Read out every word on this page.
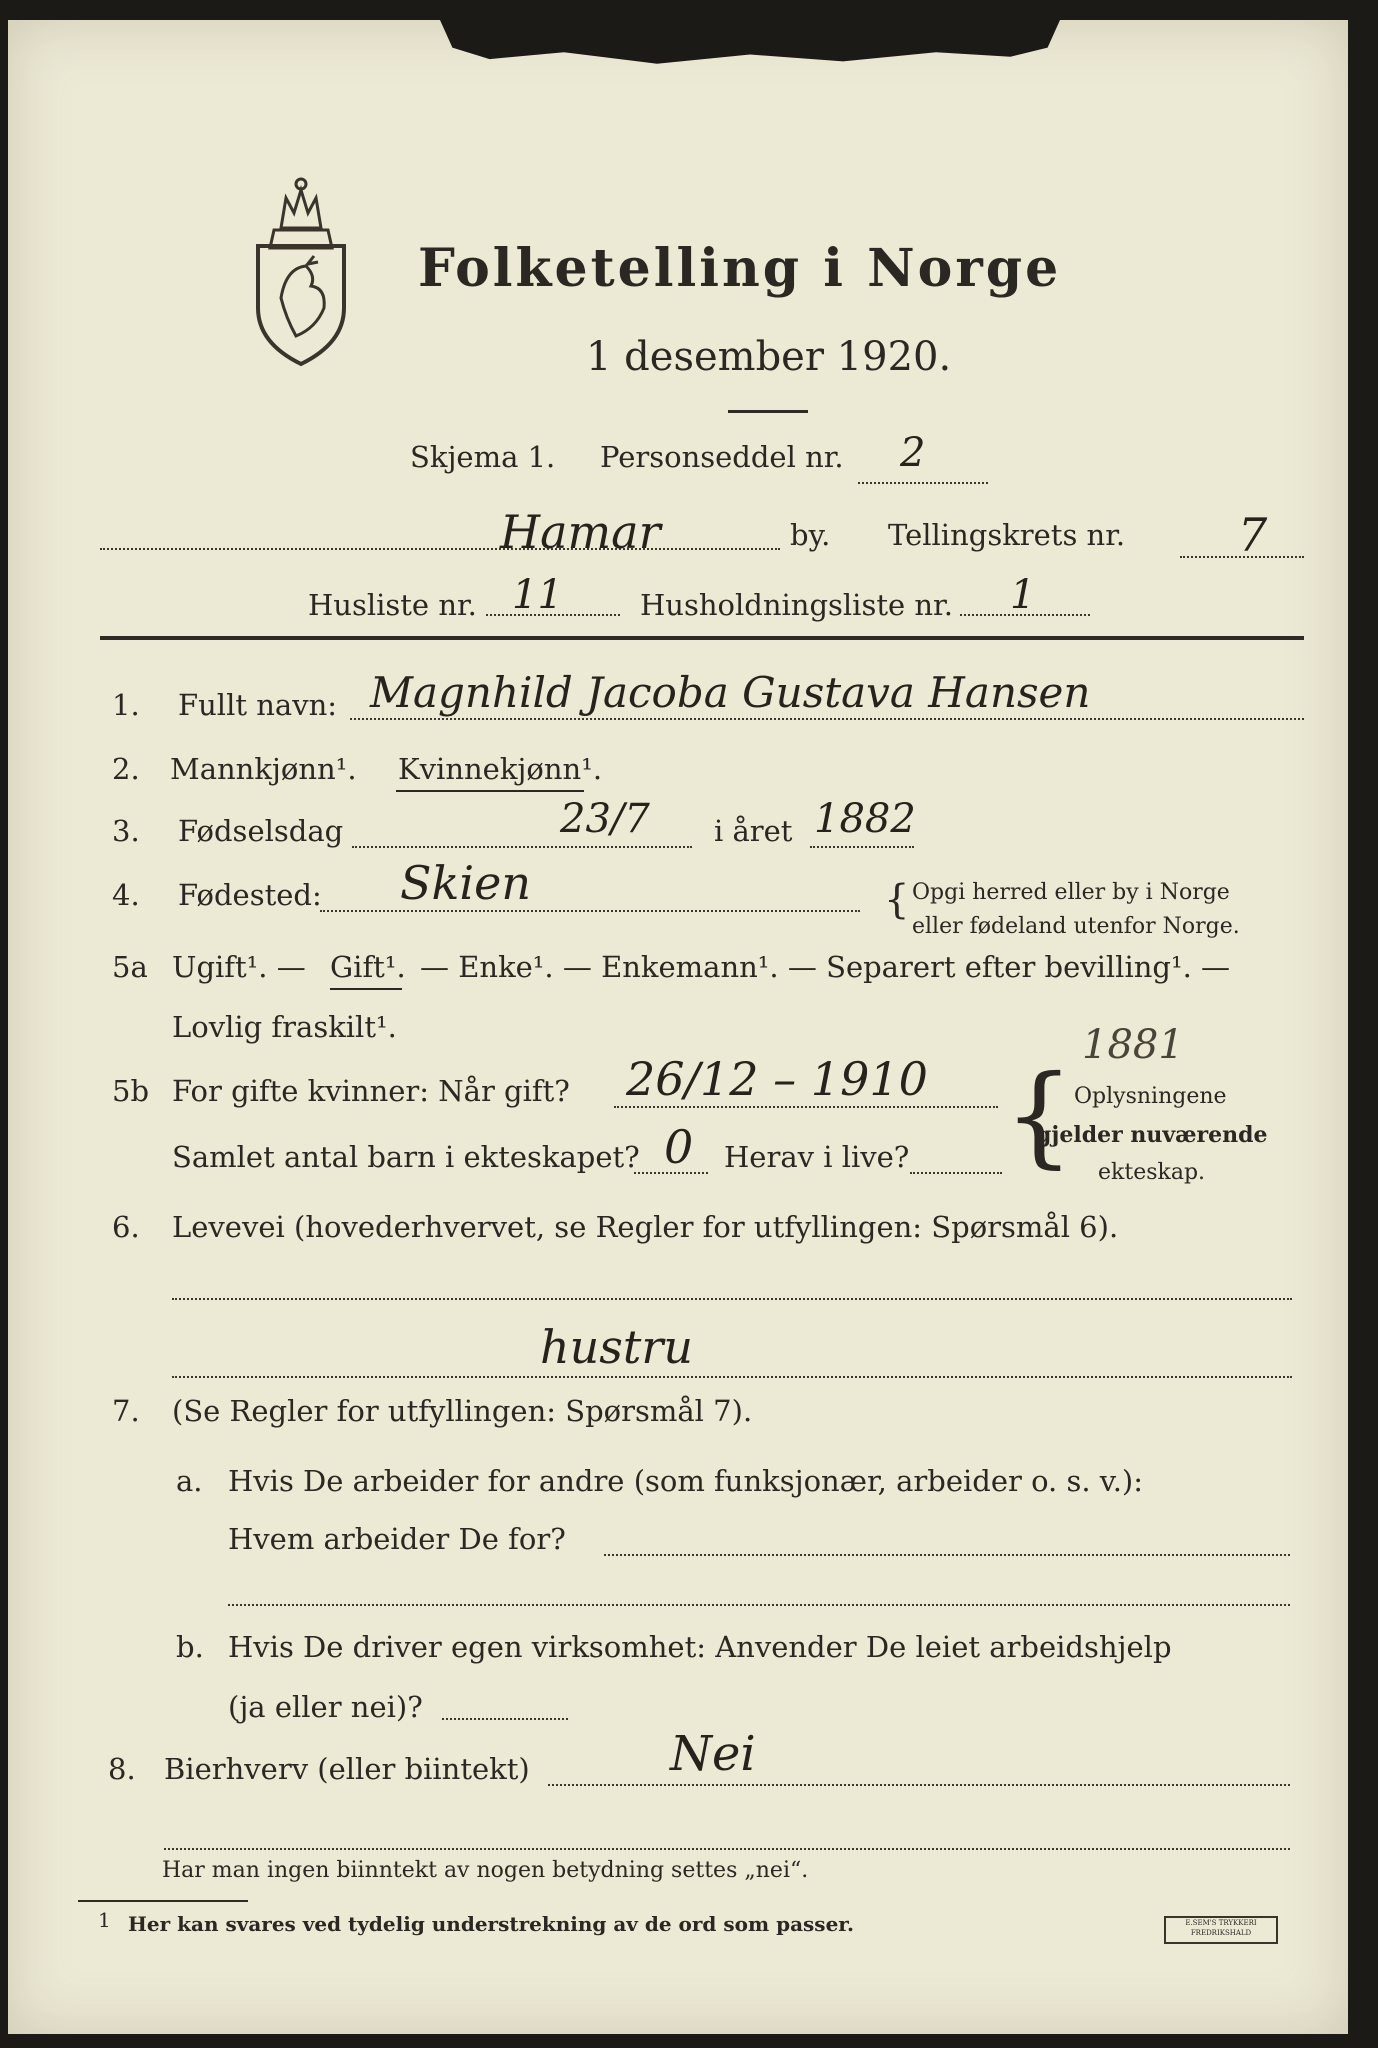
Folketelling i Norge
1 desember 1920.
Skjema 1. Personseddel nr. 2
Hamar	by. Tellingskrets nr. 7
Husliste nr. 11	Husholdningsliste nr. 1
1. Fullt navn: Magnhild Jacoba Gustava Hansen
2. Mannkjønn¹. Kvinnekjønn¹.
3. Fødselsdag	23/7 i året 1882
4. Fødested: Skien	{ Opgi herred eller by i Norge
eller fødeland utenfor Norge.
5a Ugift¹. — Gift¹. — Enke¹. — Enkemann¹. — Separert efter bevilling¹. —
Lovlig fraskilt¹.
5b For gifte kvinner: Når gift? 26/12 – 1910
1881
{ Oplysningene
gjelder nuværende
ekteskap.
Samlet antal barn i ekteskapet? 0 Herav i live?
6. Levevei (hovederhvervet, se Regler for utfyllingen: Spørsmål 6).
hustru
7. (Se Regler for utfyllingen: Spørsmål 7).
a. Hvis De arbeider for andre (som funksjonær, arbeider o. s. v.):
Hvem arbeider De for?
b. Hvis De driver egen virksomhet: Anvender De leiet arbeidshjelp
(ja eller nei)?
8. Bierhverv (eller biintekt)	Nei
Har man ingen biinntekt av nogen betydning settes „nei“.
1 Her kan svares ved tydelig understrekning av de ord som passer.	E.SEM'S TRYKKERI FREDRIKSHALD
